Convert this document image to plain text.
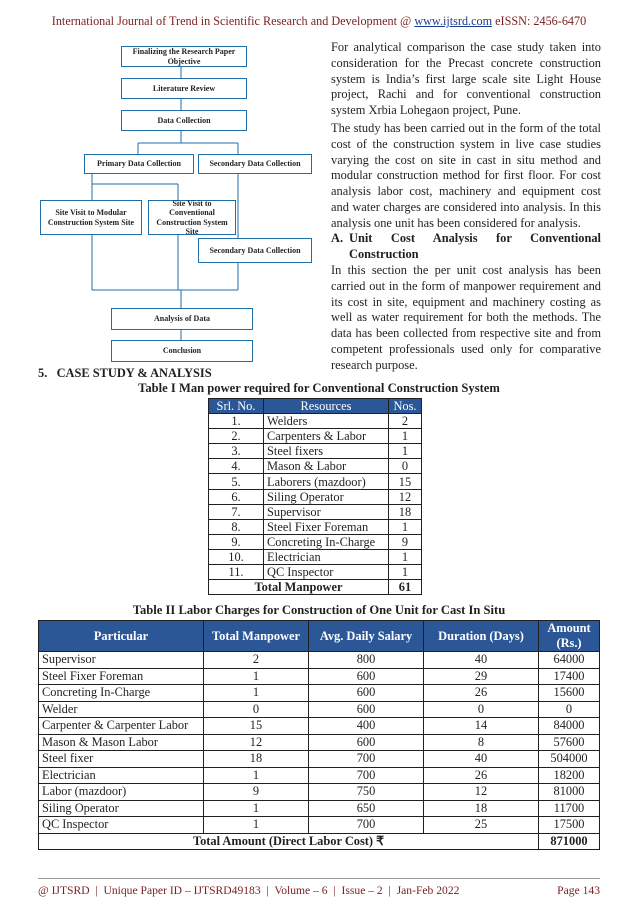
International Journal of Trend in Scientific Research and Development @ www.ijtsrd.com eISSN: 2456-6470
Finalizing the Research Paper Objective
Literature Review
Data Collection
Primary Data Collection	Secondary Data Collection
Site Visit to Modular Construction System Site
Site Visit to Conventional Construction System Site
Secondary Data Collection
Analysis of Data
Conclusion
For analytical comparison the case study taken into consideration for the Precast concrete construction system is India’s first large scale site Light House project, Rachi and for conventional construction system Xrbia Lohegaon project, Pune.
The study has been carried out in the form of the total cost of the construction system in live case studies varying the cost on site in cast in situ method and modular construction method for first floor. For cost analysis labor cost, machinery and equipment cost and water charges are considered into analysis. In this analysis one unit has been considered for analysis.
A. Unit Cost Analysis for Conventional Construction
In this section the per unit cost analysis has been carried out in the form of manpower requirement and its cost in site, equipment and machinery costing as well as water requirement for both the methods. The data has been collected from respective site and from competent professionals used only for comparative research purpose.
5.   CASE STUDY & ANALYSIS
Table I Man power required for Conventional Construction System
Srl. No.	Resources	Nos.
1.	Welders	2
2.	Carpenters & Labor	1
3.	Steel fixers	1
4.	Mason & Labor	0
5.	Laborers (mazdoor)	15
6.	Siling Operator	12
7.	Supervisor	18
8.	Steel Fixer Foreman	1
9.	Concreting In-Charge	9
10.	Electrician	1
11.	QC Inspector	1
Total Manpower		61
Table II Labor Charges for Construction of One Unit for Cast In Situ
Particular	Total Manpower	Avg. Daily Salary	Duration (Days)	Amount (Rs.)
Supervisor	2	800	40	64000
Steel Fixer Foreman	1	600	29	17400
Concreting In-Charge	1	600	26	15600
Welder	0	600	0	0
Carpenter & Carpenter Labor	15	400	14	84000
Mason & Mason Labor	12	600	8	57600
Steel fixer	18	700	40	504000
Electrician	1	700	26	18200
Labor (mazdoor)	9	750	12	81000
Siling Operator	1	650	18	11700
QC Inspector	1	700	25	17500
Total Amount (Direct Labor Cost) ₹				871000
@ IJTSRD  |  Unique Paper ID – IJTSRD49183  |  Volume – 6  |  Issue – 2  |  Jan-Feb 2022	Page 143
